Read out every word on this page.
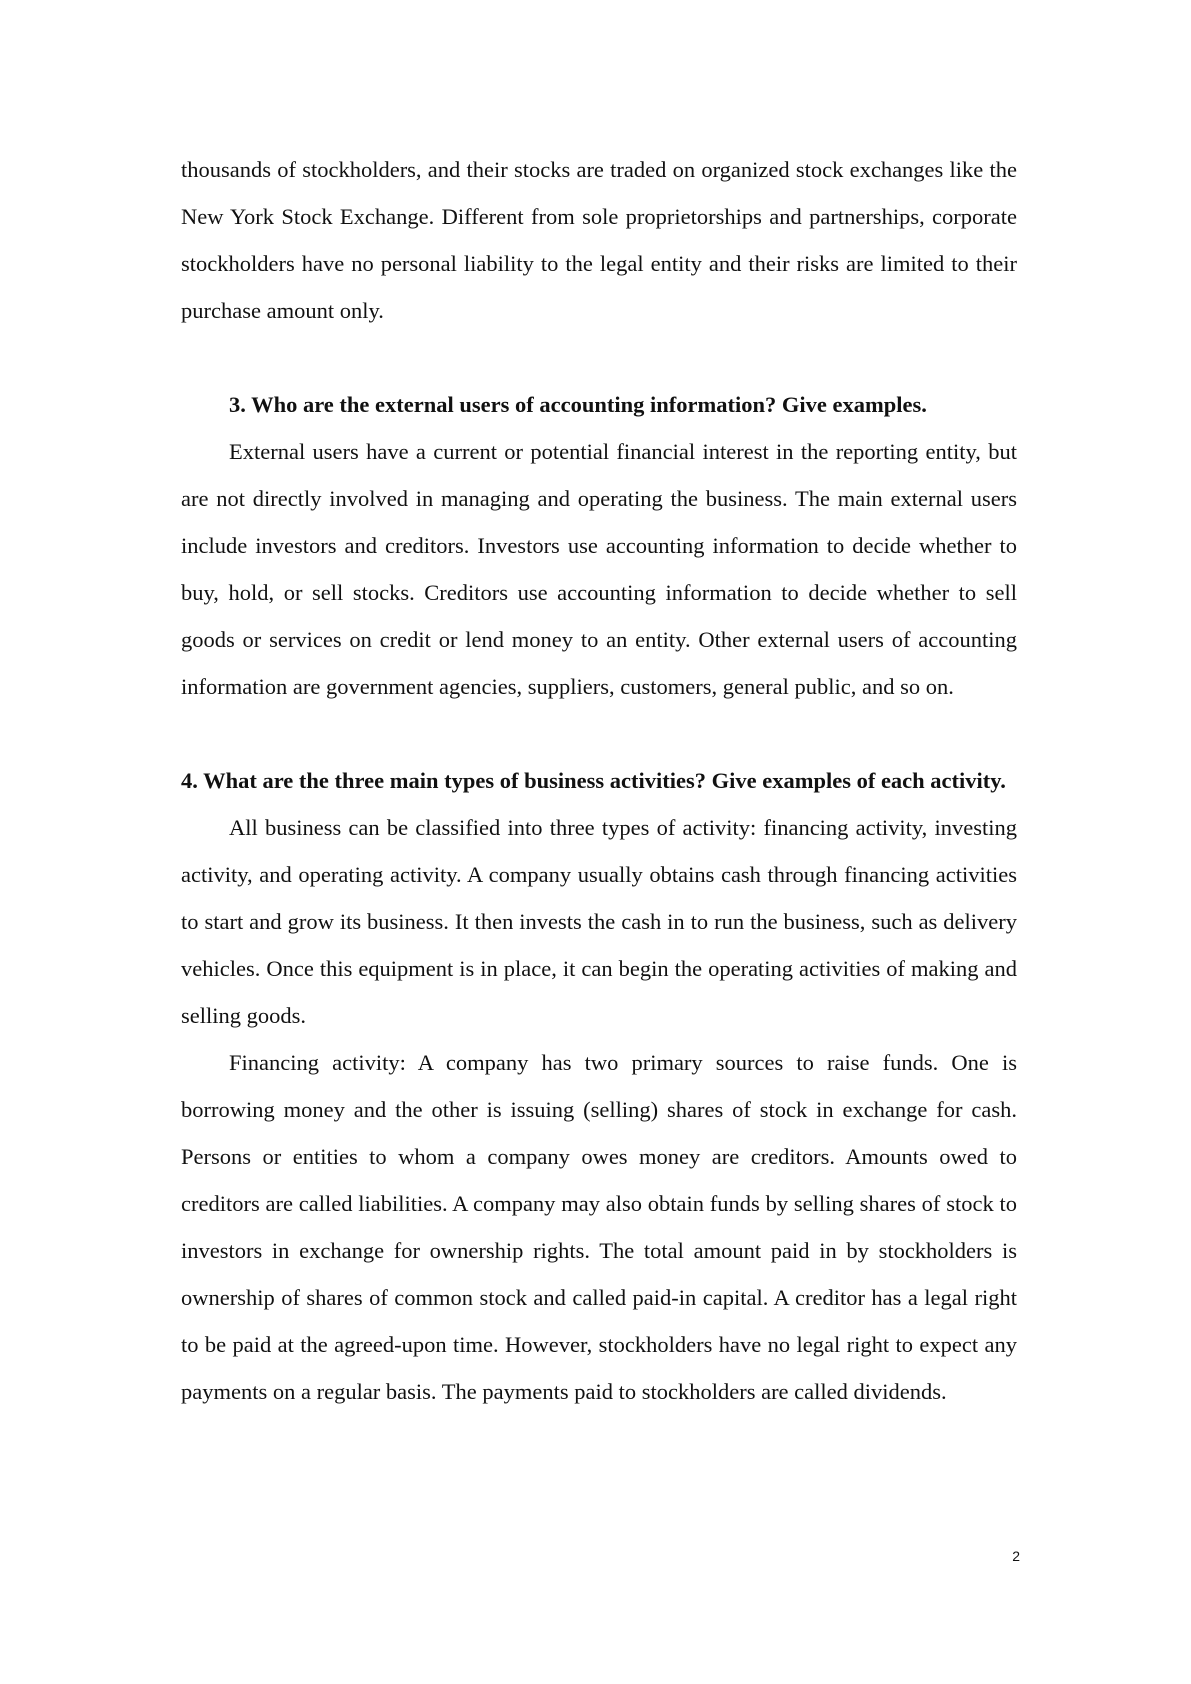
thousands of stockholders, and their stocks are traded on organized stock exchanges like the New York Stock Exchange. Different from sole proprietorships and partnerships, corporate stockholders have no personal liability to the legal entity and their risks are limited to their purchase amount only.

3. Who are the external users of accounting information? Give examples.

External users have a current or potential financial interest in the reporting entity, but are not directly involved in managing and operating the business. The main external users include investors and creditors. Investors use accounting information to decide whether to buy, hold, or sell stocks. Creditors use accounting information to decide whether to sell goods or services on credit or lend money to an entity. Other external users of accounting information are government agencies, suppliers, customers, general public, and so on.

4. What are the three main types of business activities? Give examples of each activity.

All business can be classified into three types of activity: financing activity, investing activity, and operating activity. A company usually obtains cash through financing activities to start and grow its business. It then invests the cash in to run the business, such as delivery vehicles. Once this equipment is in place, it can begin the operating activities of making and selling goods.

Financing activity: A company has two primary sources to raise funds. One is borrowing money and the other is issuing (selling) shares of stock in exchange for cash. Persons or entities to whom a company owes money are creditors. Amounts owed to creditors are called liabilities. A company may also obtain funds by selling shares of stock to investors in exchange for ownership rights. The total amount paid in by stockholders is ownership of shares of common stock and called paid-in capital. A creditor has a legal right to be paid at the agreed-upon time. However, stockholders have no legal right to expect any payments on a regular basis. The payments paid to stockholders are called dividends.

2
